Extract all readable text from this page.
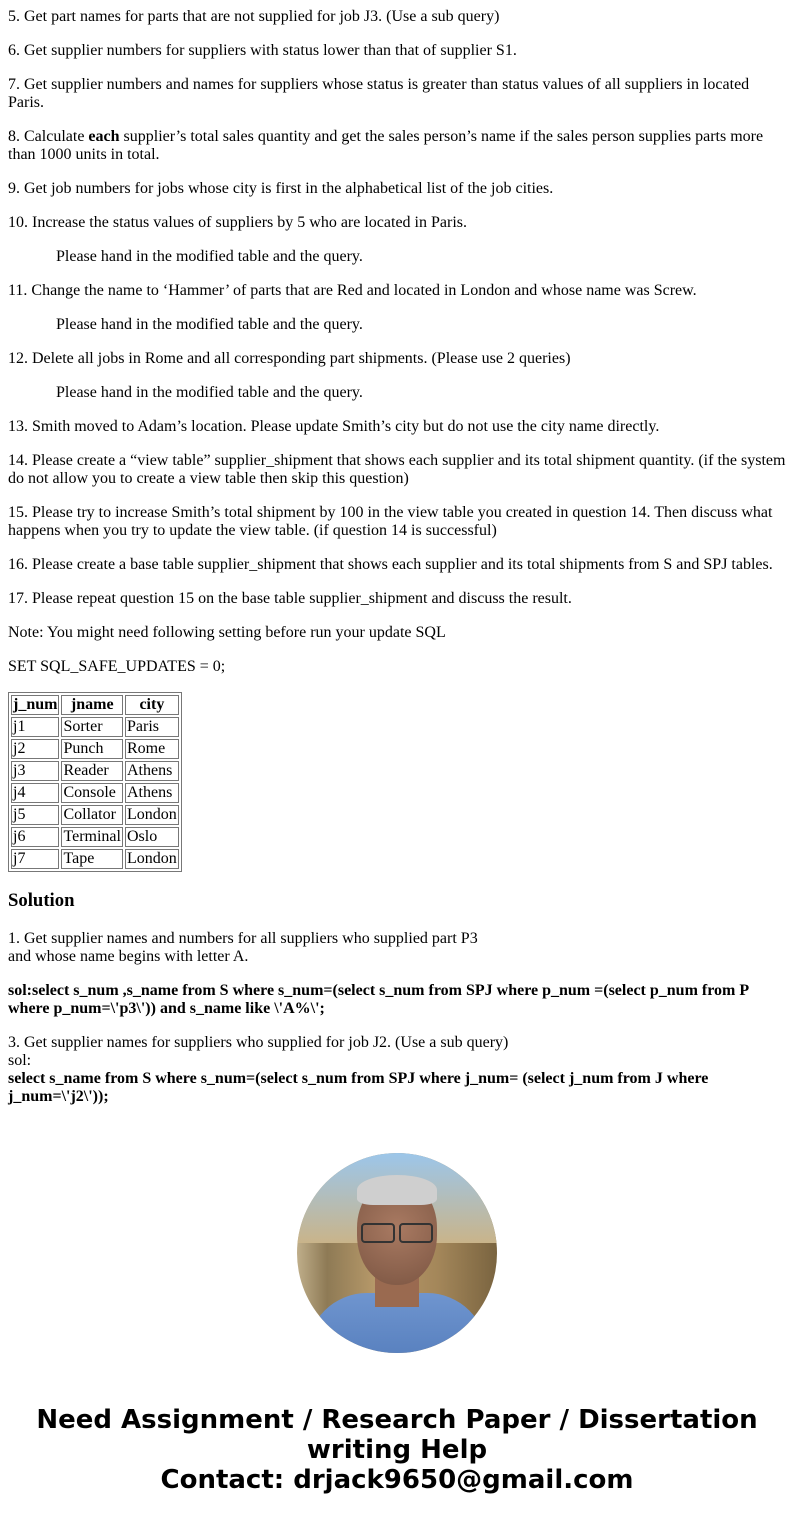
5. Get part names for parts that are not supplied for job J3. (Use a sub query)

6. Get supplier numbers for suppliers with status lower than that of supplier S1.

7. Get supplier numbers and names for suppliers whose status is greater than status values of all suppliers in located Paris.

8. Calculate each supplier’s total sales quantity and get the sales person’s name if the sales person supplies parts more than 1000 units in total.

9. Get job numbers for jobs whose city is first in the alphabetical list of the job cities.

10. Increase the status values of suppliers by 5 who are located in Paris.

Please hand in the modified table and the query.

11. Change the name to ‘Hammer’ of parts that are Red and located in London and whose name was Screw.

Please hand in the modified table and the query.

12. Delete all jobs in Rome and all corresponding part shipments. (Please use 2 queries)

Please hand in the modified table and the query.

13. Smith moved to Adam’s location. Please update Smith’s city but do not use the city name directly.

14. Please create a “view table” supplier_shipment that shows each supplier and its total shipment quantity. (if the system do not allow you to create a view table then skip this question)

15. Please try to increase Smith’s total shipment by 100 in the view table you created in question 14. Then discuss what happens when you try to update the view table. (if question 14 is successful)

16. Please create a base table supplier_shipment that shows each supplier and its total shipments from S and SPJ tables.

17. Please repeat question 15 on the base table supplier_shipment and discuss the result.

Note: You might need following setting before run your update SQL

SET SQL_SAFE_UPDATES = 0;

j_num	jname	city
j1	Sorter	Paris
j2	Punch	Rome
j3	Reader	Athens
j4	Console	Athens
j5	Collator	London
j6	Terminal	Oslo
j7	Tape	London
Solution

1. Get supplier names and numbers for all suppliers who supplied part P3
and whose name begins with letter A.

sol:select s_num ,s_name from S where s_num=(select s_num from SPJ where p_num =(select p_num from P where p_num=\'p3\')) and s_name like \'A%\';

3. Get supplier names for suppliers who supplied for job J2. (Use a sub query)
sol:
select s_name from S where s_num=(select s_num from SPJ where j_num= (select j_num from J where j_num=\'j2\'));

Need Assignment / Research Paper / Dissertation writing Help
Contact: drjack9650@gmail.com
